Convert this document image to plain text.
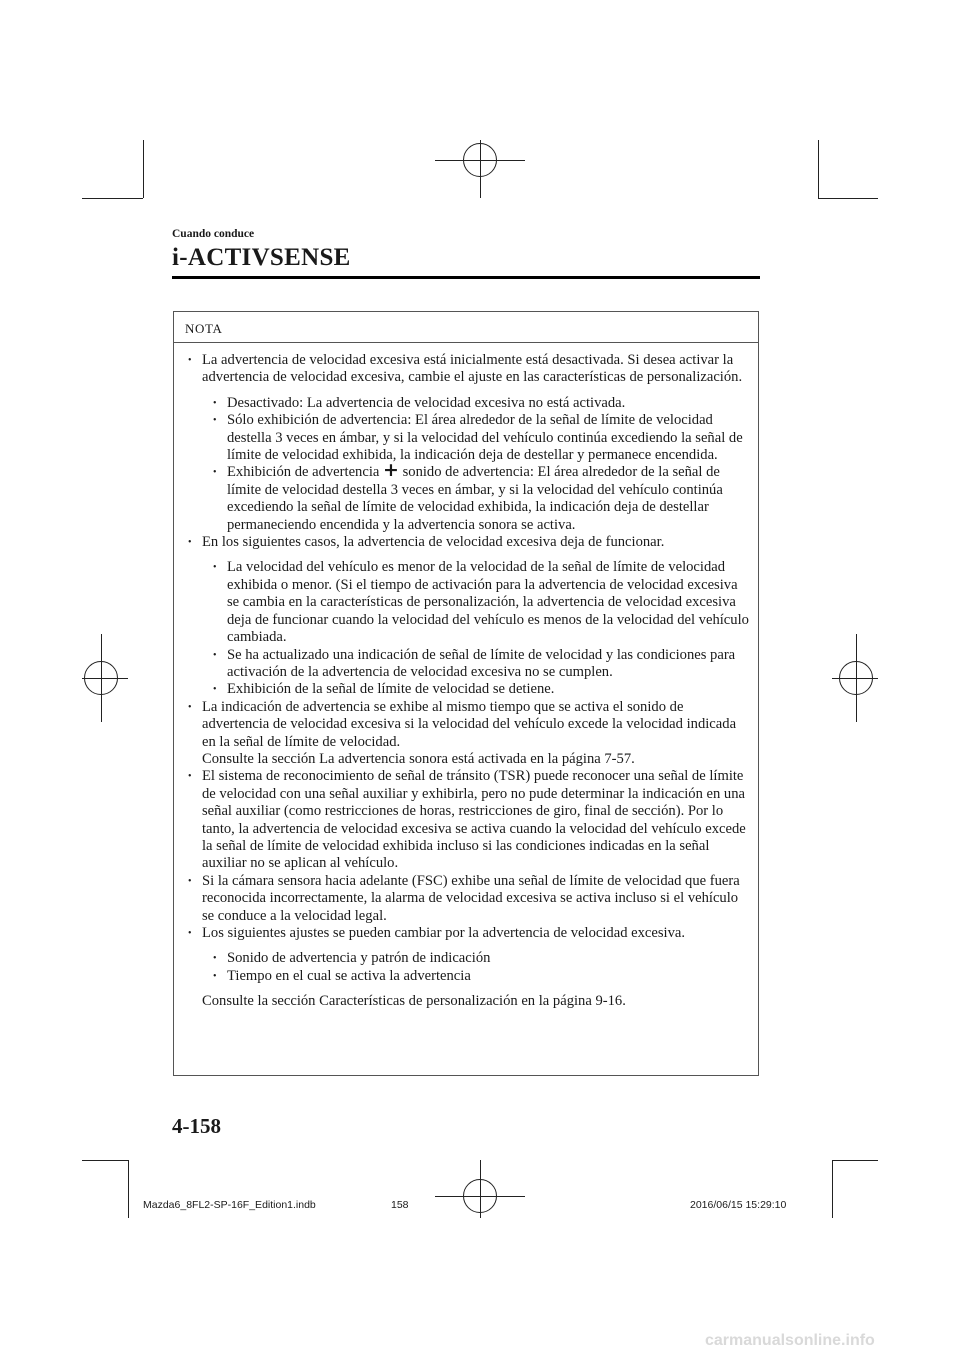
Cuando conduce
i-ACTIVSENSE
NOTA
• La advertencia de velocidad excesiva está inicialmente está desactivada. Si desea activar la advertencia de velocidad excesiva, cambie el ajuste en las características de personalización.
• Desactivado: La advertencia de velocidad excesiva no está activada.
• Sólo exhibición de advertencia: El área alrededor de la señal de límite de velocidad destella 3 veces en ámbar, y si la velocidad del vehículo continúa excediendo la señal de límite de velocidad exhibida, la indicación deja de destellar y permanece encendida.
• Exhibición de advertencia + sonido de advertencia: El área alrededor de la señal de límite de velocidad destella 3 veces en ámbar, y si la velocidad del vehículo continúa excediendo la señal de límite de velocidad exhibida, la indicación deja de destellar permaneciendo encendida y la advertencia sonora se activa.
• En los siguientes casos, la advertencia de velocidad excesiva deja de funcionar.
• La velocidad del vehículo es menor de la velocidad de la señal de límite de velocidad exhibida o menor. (Si el tiempo de activación para la advertencia de velocidad excesiva se cambia en la características de personalización, la advertencia de velocidad excesiva deja de funcionar cuando la velocidad del vehículo es menos de la velocidad del vehículo cambiada.
• Se ha actualizado una indicación de señal de límite de velocidad y las condiciones para activación de la advertencia de velocidad excesiva no se cumplen.
• Exhibición de la señal de límite de velocidad se detiene.
• La indicación de advertencia se exhibe al mismo tiempo que se activa el sonido de advertencia de velocidad excesiva si la velocidad del vehículo excede la velocidad indicada en la señal de límite de velocidad.
Consulte la sección La advertencia sonora está activada en la página 7-57.
• El sistema de reconocimiento de señal de tránsito (TSR) puede reconocer una señal de límite de velocidad con una señal auxiliar y exhibirla, pero no pude determinar la indicación en una señal auxiliar (como restricciones de horas, restricciones de giro, final de sección). Por lo tanto, la advertencia de velocidad excesiva se activa cuando la velocidad del vehículo excede la señal de límite de velocidad exhibida incluso si las condiciones indicadas en la señal auxiliar no se aplican al vehículo.
• Si la cámara sensora hacia adelante (FSC) exhibe una señal de límite de velocidad que fuera reconocida incorrectamente, la alarma de velocidad excesiva se activa incluso si el vehículo se conduce a la velocidad legal.
• Los siguientes ajustes se pueden cambiar por la advertencia de velocidad excesiva.
• Sonido de advertencia y patrón de indicación
• Tiempo en el cual se activa la advertencia
Consulte la sección Características de personalización en la página 9-16.
4-158
Mazda6_8FL2-SP-16F_Edition1.indb	158	2016/06/15 15:29:10
carmanualsonline.info
